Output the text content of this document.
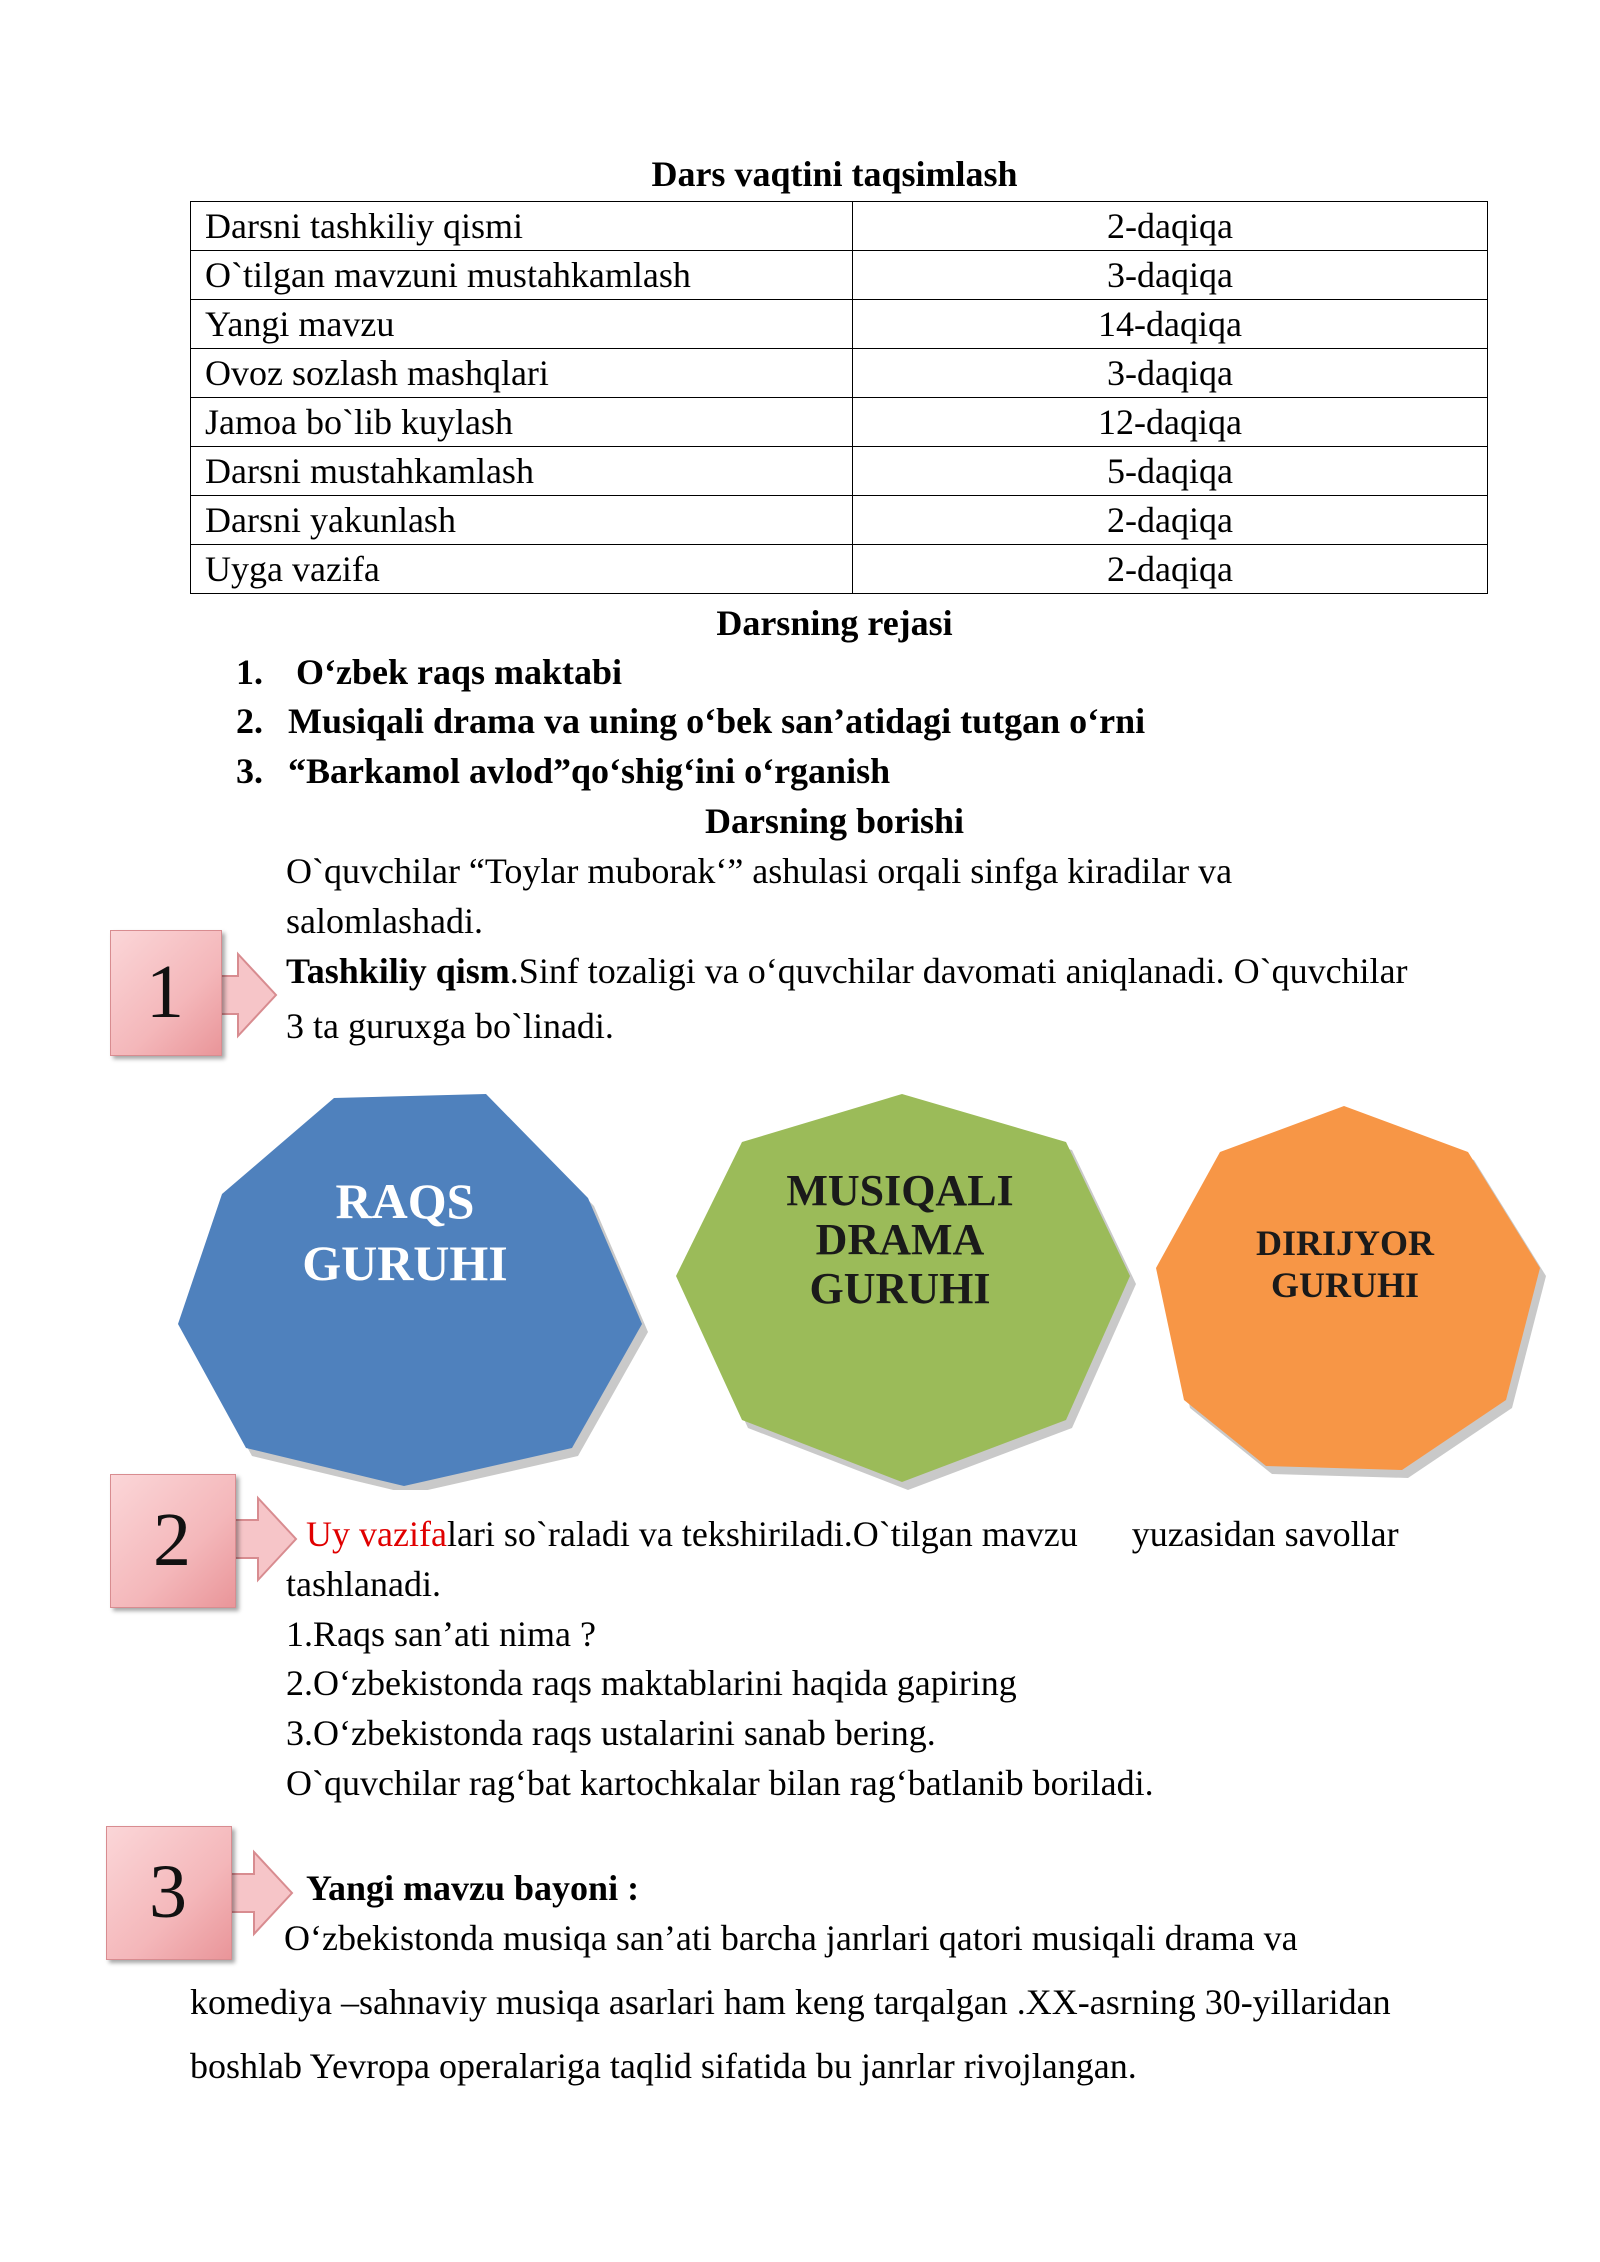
Dars vaqtini taqsimlash
Darsni tashkiliy qismi	2-daqiqa
O`tilgan mavzuni mustahkamlash	3-daqiqa
Yangi mavzu	14-daqiqa
Ovoz sozlash mashqlari	3-daqiqa
Jamoa bo`lib kuylash	12-daqiqa
Darsni mustahkamlash	5-daqiqa
Darsni yakunlash	2-daqiqa
Uyga vazifa	2-daqiqa
Darsning rejasi
1. O‘zbek raqs maktabi
2. Musiqali drama va uning o‘bek san’atidagi tutgan o‘rni
3. “Barkamol avlod”qo‘shig‘ini o‘rganish
Darsning borishi
O`quvchilar “Toylar muborak‘” ashulasi orqali sinfga kiradilar va
salomlashadi.
Tashkiliy qism.Sinf tozaligi va o‘quvchilar davomati aniqlanadi. O`quvchilar
3 ta guruxga bo`linadi.
1
RAQS
GURUHI
MUSIQALI
DRAMA
GURUHI
DIRIJYOR
GURUHI
2	Uy vazifalari so`raladi va tekshiriladi.O`tilgan mavzu      yuzasidan savollar
tashlanadi.
1.Raqs san’ati nima ?
2.O‘zbekistonda raqs maktablarini haqida gapiring
3.O‘zbekistonda raqs ustalarini sanab bering.
O`quvchilar rag‘bat kartochkalar bilan rag‘batlanib boriladi.
3	Yangi mavzu bayoni :
O‘zbekistonda musiqa san’ati barcha janrlari qatori musiqali drama va
komediya –sahnaviy musiqa asarlari ham keng tarqalgan .XX-asrning 30-yillaridan
boshlab Yevropa operalariga taqlid sifatida bu janrlar rivojlangan.
